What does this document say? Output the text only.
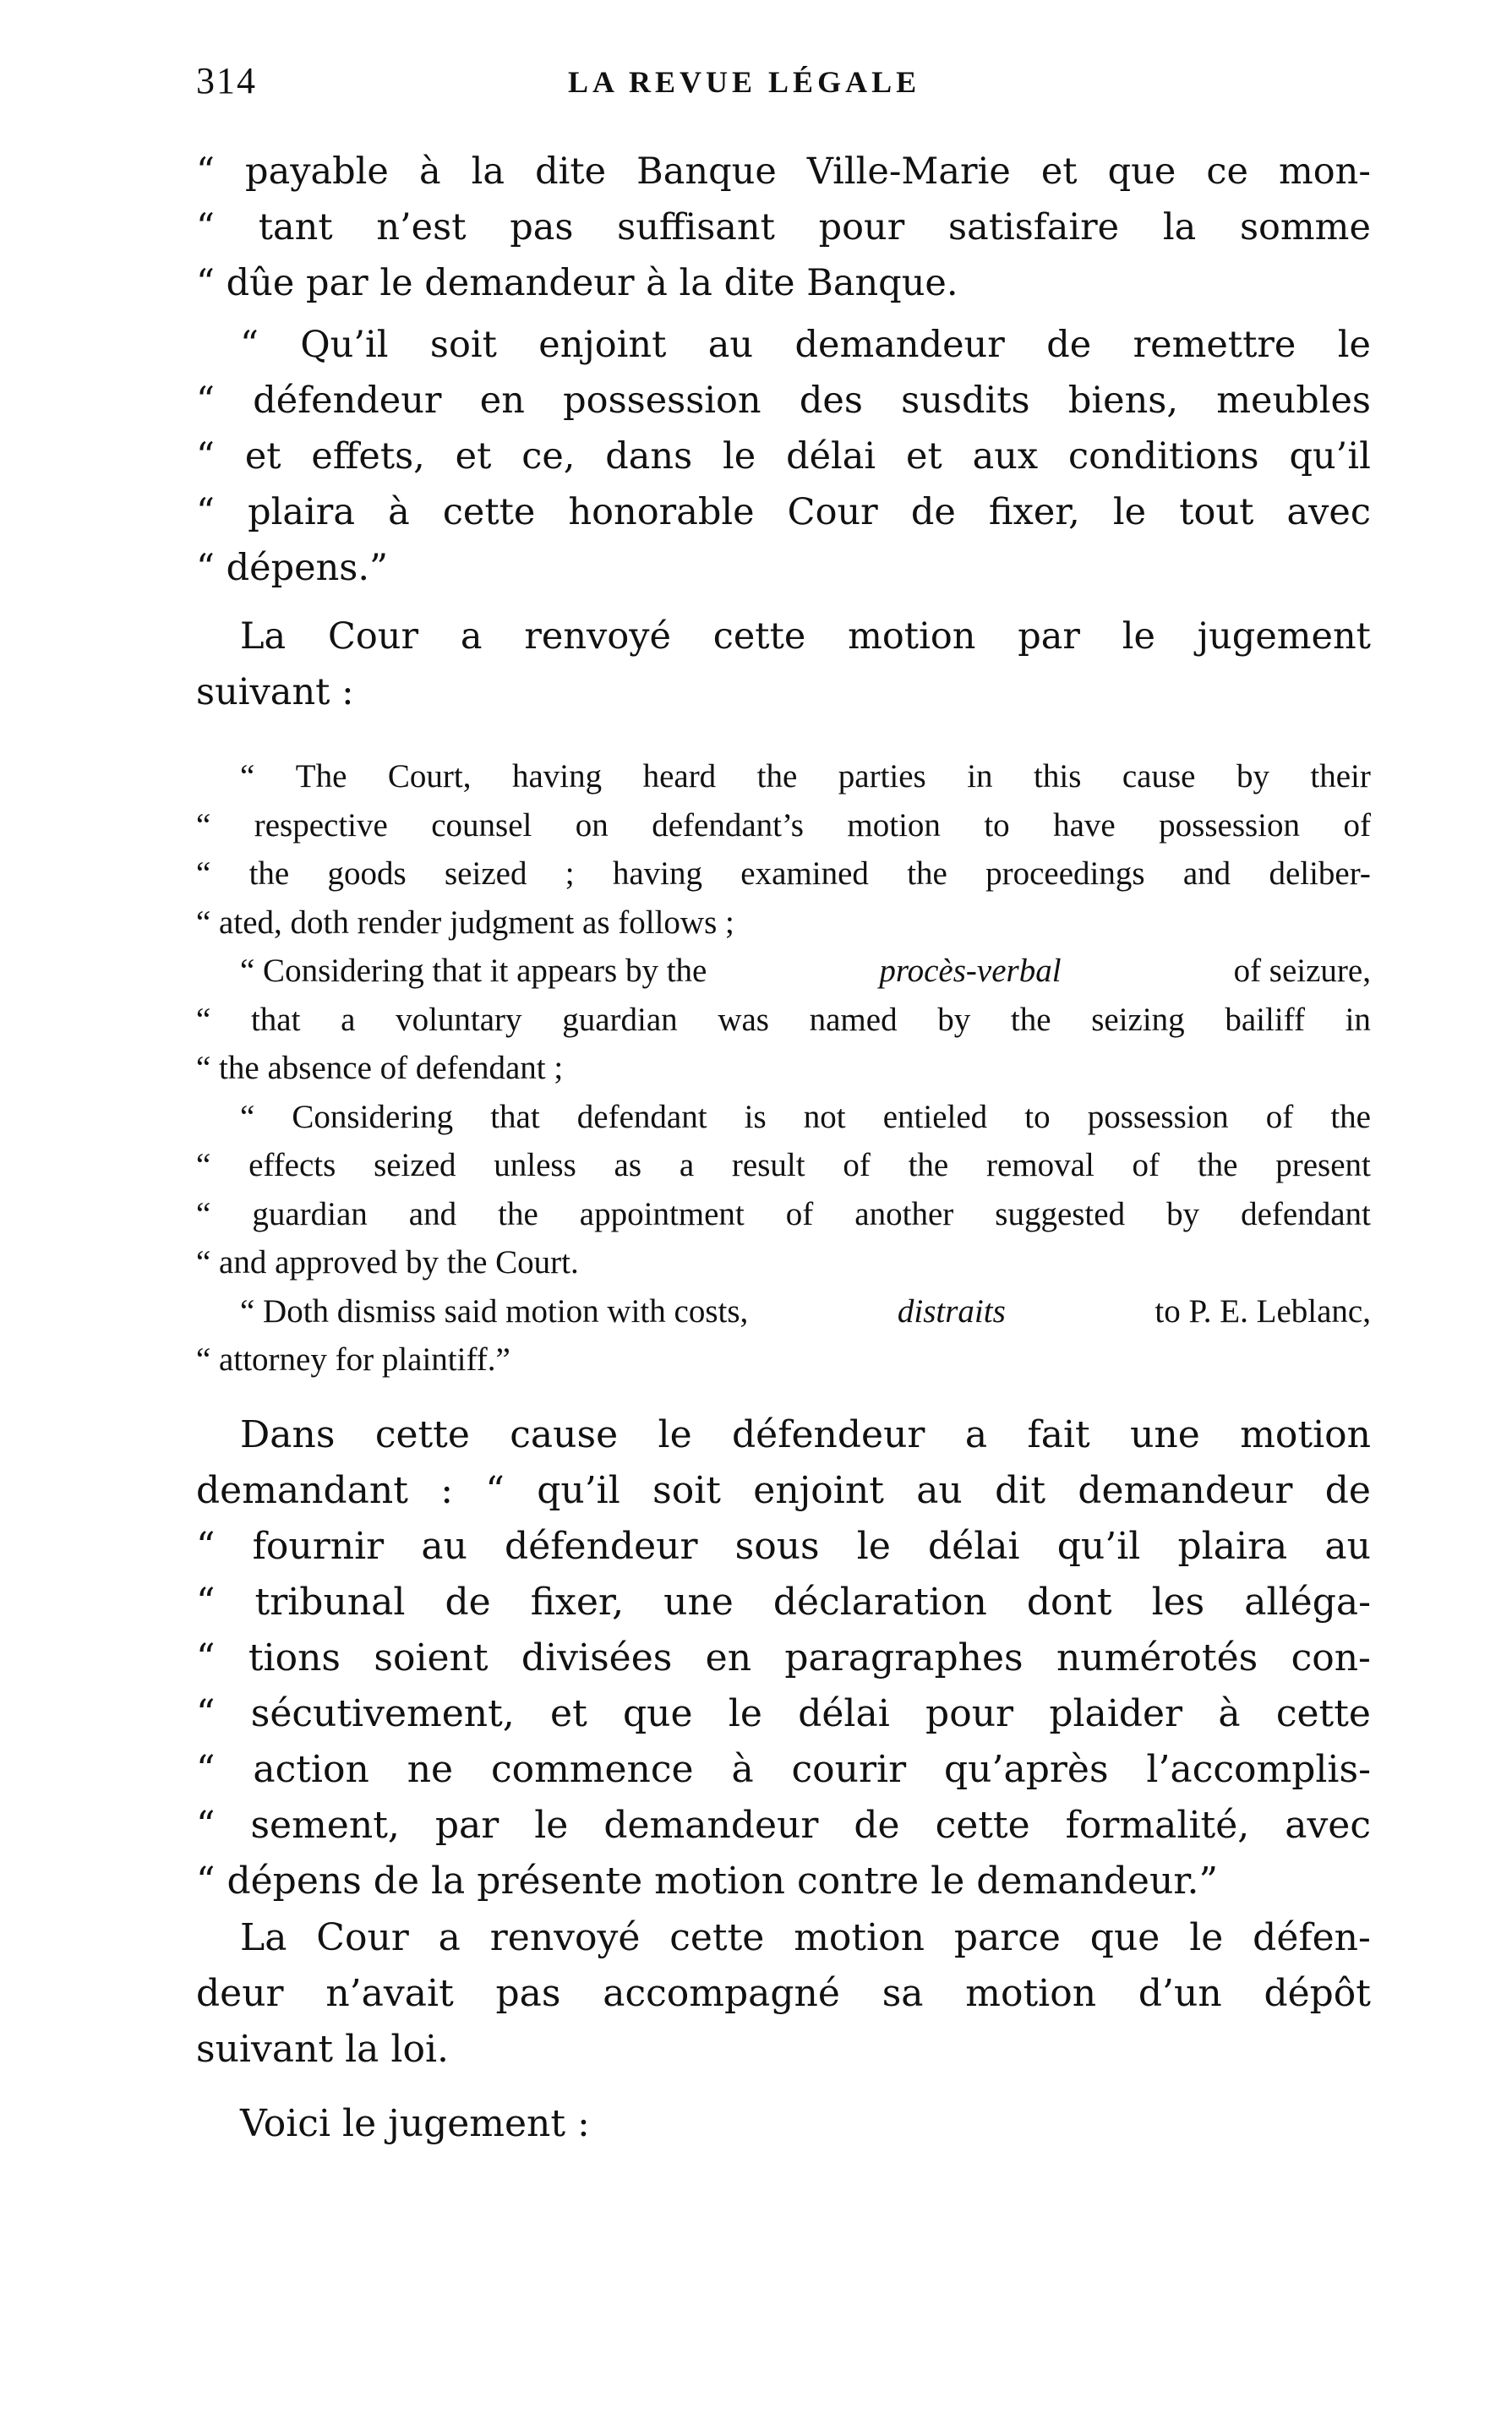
314	LA REVUE LÉGALE
“ payable à la dite Banque Ville-Marie et que ce mon-
“ tant n’est pas suffisant pour satisfaire la somme
“ dûe par le demandeur à la dite Banque.
“ Qu’il soit enjoint au demandeur de remettre le
“ défendeur en possession des susdits biens, meubles
“ et effets, et ce, dans le délai et aux conditions qu’il
“ plaira à cette honorable Cour de fixer, le tout avec
“ dépens.”
La Cour a renvoyé cette motion par le jugement
suivant :
“ The Court, having heard the parties in this cause by their
“ respective counsel on defendant’s motion to have possession of
“ the goods seized ; having examined the proceedings and deliber-
“ ated, doth render judgment as follows ;
“ Considering that it appears by the	procès-verbal	of seizure,
“ that a voluntary guardian was named by the seizing bailiff in
“ the absence of defendant ;
“ Considering that defendant is not entieled to possession of the
“ effects seized unless as a result of the removal of the present
“ guardian and the appointment of another suggested by defendant
“ and approved by the Court.
“ Doth dismiss said motion with costs,	distraits	to P. E. Leblanc,
“ attorney for plaintiff.”
Dans cette cause le défendeur a fait une motion
demandant : “ qu’il soit enjoint au dit demandeur de
“ fournir au défendeur sous le délai qu’il plaira au
“ tribunal de fixer, une déclaration dont les alléga-
“ tions soient divisées en paragraphes numérotés con-
“ sécutivement, et que le délai pour plaider à cette
“ action ne commence à courir qu’après l’accomplis-
“ sement, par le demandeur de cette formalité, avec
“ dépens de la présente motion contre le demandeur.”
La Cour a renvoyé cette motion parce que le défen-
deur n’avait pas accompagné sa motion d’un dépôt
suivant la loi.
Voici le jugement :
